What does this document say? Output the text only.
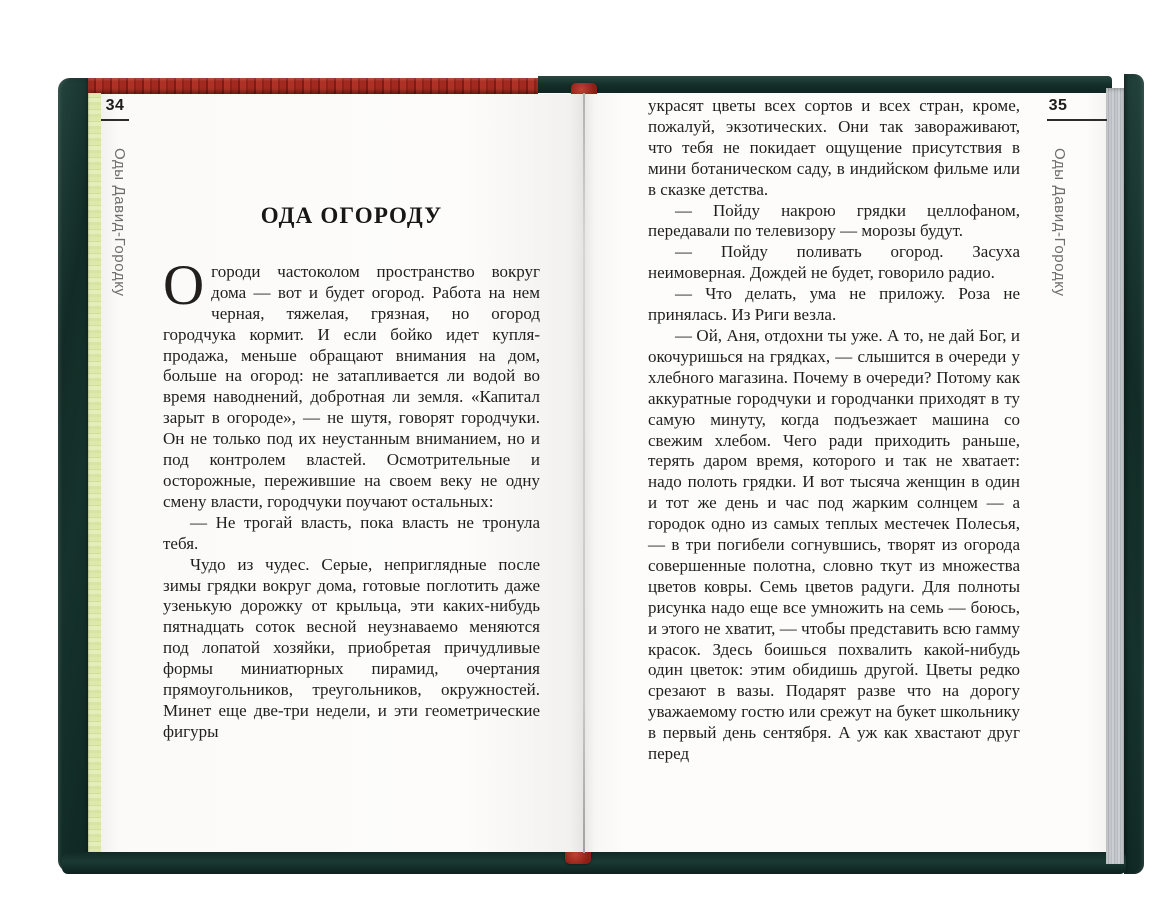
34
Оды Давид-Городку	ОДА ОГОРОДУ

Огороди частоколом пространство вокруг дома — вот и будет огород. Работа на нем черная, тяжелая, грязная, но огород городчука кормит. И если бойко идет купля-продажа, меньше обращают внимания на дом, больше на огород: не затапливается ли водой во время наводнений, добротная ли земля. «Капитал зарыт в огороде», — не шутя, говорят городчуки. Он не только под их неустанным вниманием, но и под контролем властей. Осмотрительные и осторожные, пережившие на своем веку не одну смену власти, городчуки поучают остальных:

— Не трогай власть, пока власть не тронула тебя.

Чудо из чудес. Серые, неприглядные после зимы грядки вокруг дома, готовые поглотить даже узенькую дорожку от крыльца, эти каких-нибудь пятнадцать соток весной неузнаваемо меняются под лопатой хозяйки, приобретая причудливые формы миниатюрных пирамид, очертания прямоугольников, треугольников, окружностей. Минет еще две-три недели, и эти геометрические фигуры

35
Оды Давид-Городку

украсят цветы всех сортов и всех стран, кроме, пожалуй, экзотических. Они так завораживают, что тебя не покидает ощущение присутствия в мини ботаническом саду, в индийском фильме или в сказке детства.

— Пойду накрою грядки целлофаном, передавали по телевизору — морозы будут.

— Пойду поливать огород. Засуха неимоверная. Дождей не будет, говорило радио.

— Что делать, ума не приложу. Роза не принялась. Из Риги везла.

— Ой, Аня, отдохни ты уже. А то, не дай Бог, и окочуришься на грядках, — слышится в очереди у хлебного магазина. Почему в очереди? Потому как аккуратные городчуки и городчанки приходят в ту самую минуту, когда подъезжает машина со свежим хлебом. Чего ради приходить раньше, терять даром время, которого и так не хватает: надо полоть грядки. И вот тысяча женщин в один и тот же день и час под жарким солнцем — а городок одно из самых теплых местечек Полесья, — в три погибели согнувшись, творят из огорода совершенные полотна, словно ткут из множества цветов ковры. Семь цветов радуги. Для полноты рисунка надо еще все умножить на семь — боюсь, и этого не хватит, — чтобы представить всю гамму красок. Здесь боишься похвалить какой-нибудь один цветок: этим обидишь другой. Цветы редко срезают в вазы. Подарят разве что на дорогу уважаемому гостю или срежут на букет школьнику в первый день сентября. А уж как хвастают друг перед
